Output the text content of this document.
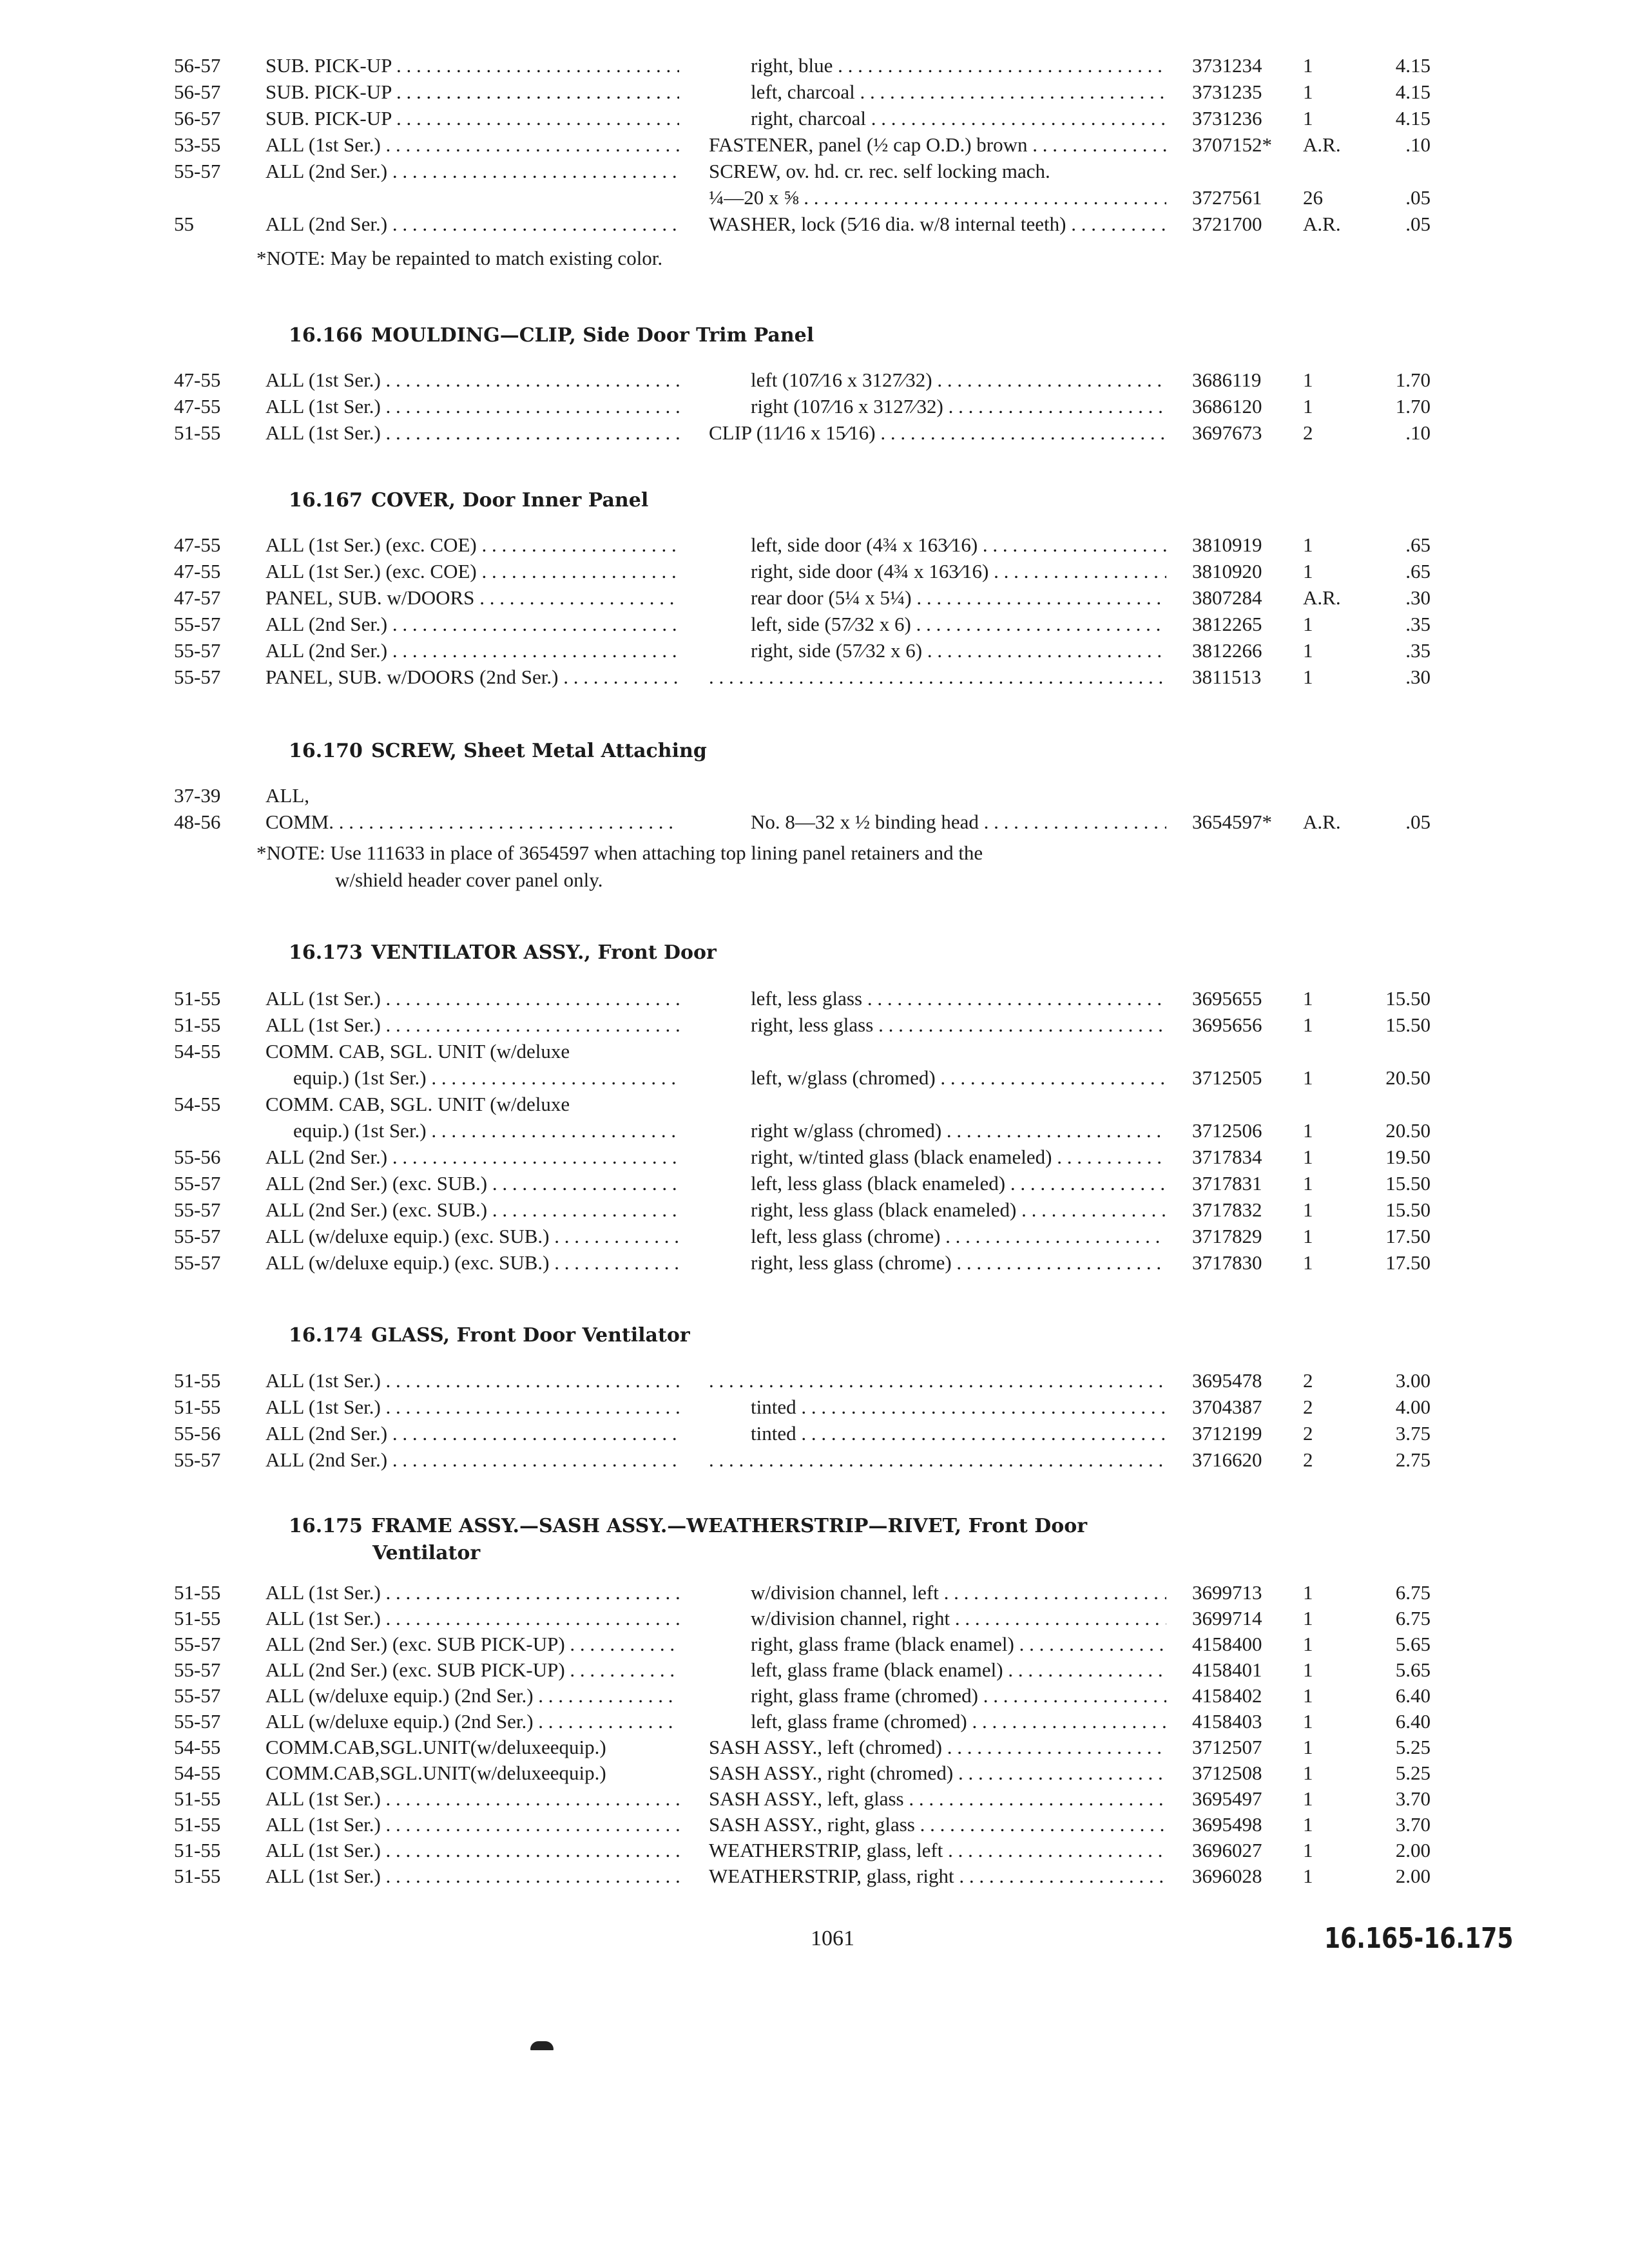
56-57	SUB. PICK-UP . . .	right, blue . . .	3731234	1	4.15
56-57	SUB. PICK-UP . . .	left, charcoal . . .	3731235	1	4.15
56-57	SUB. PICK-UP . . .	right, charcoal . . .	3731236	1	4.15
53-55	ALL (1st Ser.) . . .	FASTENER, panel (½ cap O.D.) brown . . .	3707152*	A.R.	.10
55-57	ALL (2nd Ser.) . . .	SCREW, ov. hd. cr. rec. self locking mach.
¼—20 x ⅝ . . .	3727561	26	.05
55	ALL (2nd Ser.) . . .	WASHER, lock (5⁄16 dia. w/8 internal teeth) . . .	3721700	A.R.	.05
*NOTE: May be repainted to match existing color.
16.166 MOULDING—CLIP, Side Door Trim Panel
47-55	ALL (1st Ser.) . . .	left (107⁄16 x 3127⁄32) . . .	3686119	1	1.70
47-55	ALL (1st Ser.) . . .	right (107⁄16 x 3127⁄32) . . .	3686120	1	1.70
51-55	ALL (1st Ser.) . . .	CLIP (11⁄16 x 15⁄16) . . .	3697673	2	.10
16.167 COVER, Door Inner Panel
47-55	ALL (1st Ser.) (exc. COE) . . .	left, side door (4¾ x 163⁄16) . . .	3810919	1	.65
47-55	ALL (1st Ser.) (exc. COE) . . .	right, side door (4¾ x 163⁄16) . . .	3810920	1	.65
47-57	PANEL, SUB. w/DOORS . . .	rear door (5¼ x 5¼) . . .	3807284	A.R.	.30
55-57	ALL (2nd Ser.) . . .	left, side (57⁄32 x 6) . . .	3812265	1	.35
55-57	ALL (2nd Ser.) . . .	right, side (57⁄32 x 6) . . .	3812266	1	.35
55-57	PANEL, SUB. w/DOORS (2nd Ser.) . . . . . .	3811513	1	.30
16.170 SCREW, Sheet Metal Attaching
37-39	ALL,
48-56	COMM. . . .	No. 8—32 x ½ binding head . . .	3654597*	A.R.	.05
*NOTE: Use 111633 in place of 3654597 when attaching top lining panel retainers and the
w/shield header cover panel only.
16.173 VENTILATOR ASSY., Front Door
51-55	ALL (1st Ser.) . . .	left, less glass . . .	3695655	1	15.50
51-55	ALL (1st Ser.) . . .	right, less glass . . .	3695656	1	15.50
54-55	COMM. CAB, SGL. UNIT (w/deluxe
equip.) (1st Ser.) . . .	left, w/glass (chromed) . . .	3712505	1	20.50
54-55	COMM. CAB, SGL. UNIT (w/deluxe
equip.) (1st Ser.) . . .	right w/glass (chromed) . . .	3712506	1	20.50
55-56	ALL (2nd Ser.) . . .	right, w/tinted glass (black enameled) . . .	3717834	1	19.50
55-57	ALL (2nd Ser.) (exc. SUB.) . . .	left, less glass (black enameled) . . .	3717831	1	15.50
55-57	ALL (2nd Ser.) (exc. SUB.) . . .	right, less glass (black enameled) . . .	3717832	1	15.50
55-57	ALL (w/deluxe equip.) (exc. SUB.) . . .	left, less glass (chrome) . . .	3717829	1	17.50
55-57	ALL (w/deluxe equip.) (exc. SUB.) . . .	right, less glass (chrome) . . .	3717830	1	17.50
16.174 GLASS, Front Door Ventilator
51-55	ALL (1st Ser.) . . . . . .	3695478	2	3.00
51-55	ALL (1st Ser.) . . .	tinted . . .	3704387	2	4.00
55-56	ALL (2nd Ser.) . . .	tinted . . .	3712199	2	3.75
55-57	ALL (2nd Ser.) . . . . . .	3716620	2	2.75
16.175 FRAME ASSY.—SASH ASSY.—WEATHERSTRIP—RIVET, Front Door
Ventilator
51-55	ALL (1st Ser.) . . .	w/division channel, left . . .	3699713	1	6.75
51-55	ALL (1st Ser.) . . .	w/division channel, right . . .	3699714	1	6.75
55-57	ALL (2nd Ser.) (exc. SUB PICK-UP) . . .	right, glass frame (black enamel) . . .	4158400	1	5.65
55-57	ALL (2nd Ser.) (exc. SUB PICK-UP) . . .	left, glass frame (black enamel) . . .	4158401	1	5.65
55-57	ALL (w/deluxe equip.) (2nd Ser.) . . .	right, glass frame (chromed) . . .	4158402	1	6.40
55-57	ALL (w/deluxe equip.) (2nd Ser.) . . .	left, glass frame (chromed) . . .	4158403	1	6.40
54-55	COMM.CAB,SGL.UNIT(w/deluxeequip.)	SASH ASSY., left (chromed) . . .	3712507	1	5.25
54-55	COMM.CAB,SGL.UNIT(w/deluxeequip.)	SASH ASSY., right (chromed) . . .	3712508	1	5.25
51-55	ALL (1st Ser.) . . .	SASH ASSY., left, glass . . .	3695497	1	3.70
51-55	ALL (1st Ser.) . . .	SASH ASSY., right, glass . . .	3695498	1	3.70
51-55	ALL (1st Ser.) . . .	WEATHERSTRIP, glass, left . . .	3696027	1	2.00
51-55	ALL (1st Ser.) . . .	WEATHERSTRIP, glass, right . . .	3696028	1	2.00
1061	16.165-16.175
